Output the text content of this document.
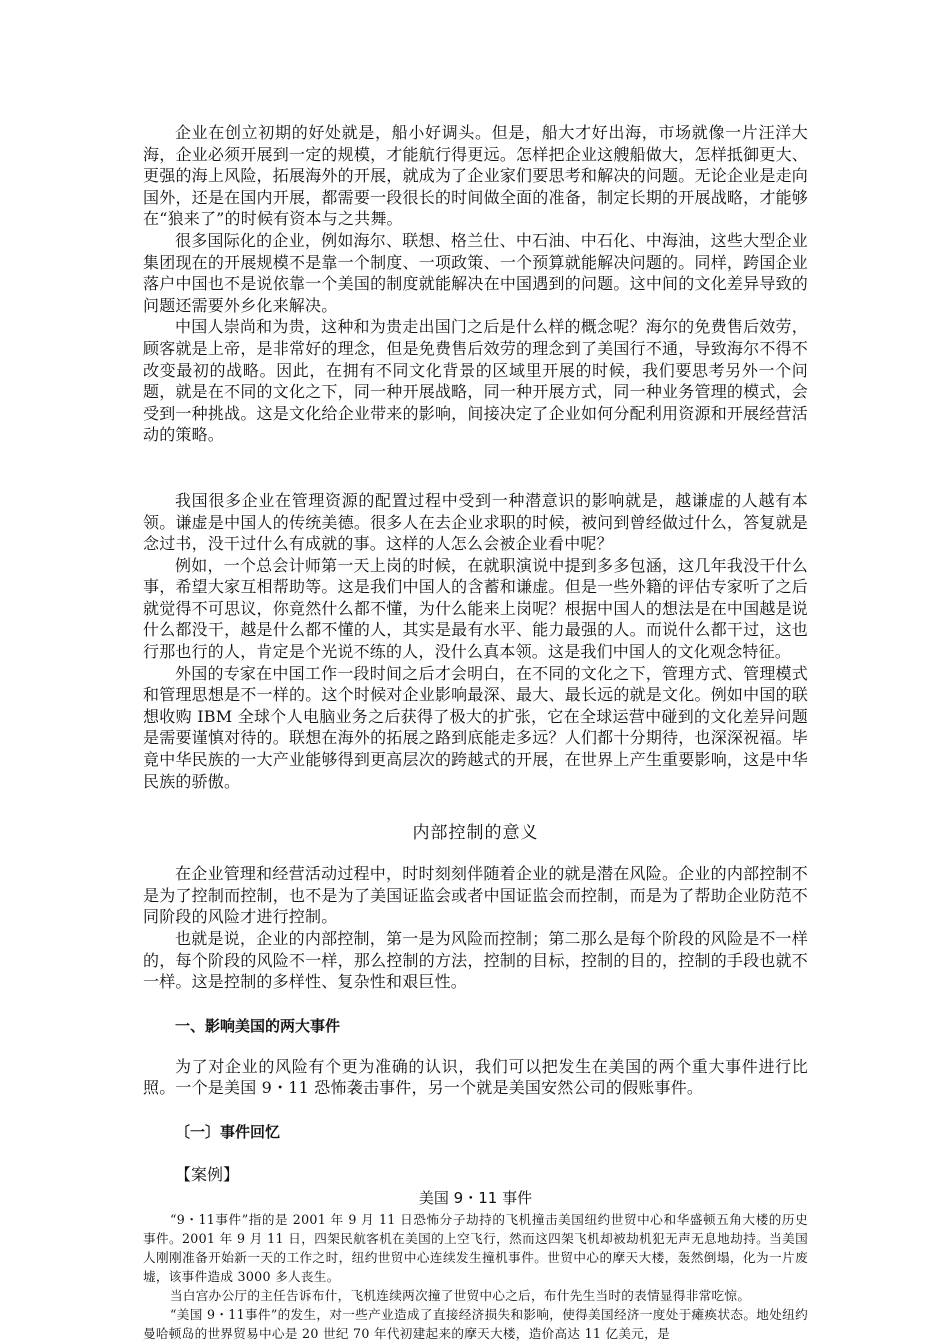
企业在创立初期的好处就是，船小好调头。但是，船大才好出海，市场就像一片汪洋大海，企业必须开展到一定的规模，才能航行得更远。怎样把企业这艘船做大，怎样抵御更大、更强的海上风险，拓展海外的开展，就成为了企业家们要思考和解决的问题。无论企业是走向国外，还是在国内开展，都需要一段很长的时间做全面的准备，制定长期的开展战略，才能够在“狼来了”的时候有资本与之共舞。

很多国际化的企业，例如海尔、联想、格兰仕、中石油、中石化、中海油，这些大型企业集团现在的开展规模不是靠一个制度、一项政策、一个预算就能解决问题的。同样，跨国企业落户中国也不是说依靠一个美国的制度就能解决在中国遇到的问题。这中间的文化差异导致的问题还需要外乡化来解决。

中国人崇尚和为贵，这种和为贵走出国门之后是什么样的概念呢？海尔的免费售后效劳，顾客就是上帝，是非常好的理念，但是免费售后效劳的理念到了美国行不通，导致海尔不得不改变最初的战略。因此，在拥有不同文化背景的区域里开展的时候，我们要思考另外一个问题，就是在不同的文化之下，同一种开展战略，同一种开展方式，同一种业务管理的模式，会受到一种挑战。这是文化给企业带来的影响，间接决定了企业如何分配利用资源和开展经营活动的策略。

我国很多企业在管理资源的配置过程中受到一种潜意识的影响就是，越谦虚的人越有本领。谦虚是中国人的传统美德。很多人在去企业求职的时候，被问到曾经做过什么，答复就是念过书，没干过什么有成就的事。这样的人怎么会被企业看中呢？

例如，一个总会计师第一天上岗的时候，在就职演说中提到多多包涵，这几年我没干什么事，希望大家互相帮助等。这是我们中国人的含蓄和谦虚。但是一些外籍的评估专家听了之后就觉得不可思议，你竟然什么都不懂，为什么能来上岗呢？根据中国人的想法是在中国越是说什么都没干，越是什么都不懂的人，其实是最有水平、能力最强的人。而说什么都干过，这也行那也行的人，肯定是个光说不练的人，没什么真本领。这是我们中国人的文化观念特征。

外国的专家在中国工作一段时间之后才会明白，在不同的文化之下，管理方式、管理模式和管理思想是不一样的。这个时候对企业影响最深、最大、最长远的就是文化。例如中国的联想收购 IBM 全球个人电脑业务之后获得了极大的扩张，它在全球运营中碰到的文化差异问题是需要谨慎对待的。联想在海外的拓展之路到底能走多远？人们都十分期待，也深深祝福。毕竟中华民族的一大产业能够得到更高层次的跨越式的开展，在世界上产生重要影响，这是中华民族的骄傲。

内部控制的意义

在企业管理和经营活动过程中，时时刻刻伴随着企业的就是潜在风险。企业的内部控制不是为了控制而控制，也不是为了美国证监会或者中国证监会而控制，而是为了帮助企业防范不同阶段的风险才进行控制。

也就是说，企业的内部控制，第一是为风险而控制；第二那么是每个阶段的风险是不一样的，每个阶段的风险不一样，那么控制的方法，控制的目标，控制的目的，控制的手段也就不一样。这是控制的多样性、复杂性和艰巨性。

一、影响美国的两大事件

为了对企业的风险有个更为准确的认识，我们可以把发生在美国的两个重大事件进行比照。一个是美国 9・11 恐怖袭击事件，另一个就是美国安然公司的假账事件。

〔一〕事件回忆
【案例】
美国 9・11 事件

“9・11事件”指的是 2001 年 9 月 11 日恐怖分子劫持的飞机撞击美国纽约世贸中心和华盛顿五角大楼的历史事件。2001 年 9 月 11 日，四架民航客机在美国的上空飞行，然而这四架飞机却被劫机犯无声无息地劫持。当美国人刚刚准备开始新一天的工作之时，纽约世贸中心连续发生撞机事件。世贸中心的摩天大楼，轰然倒塌，化为一片废墟，该事件造成 3000 多人丧生。

当白宫办公厅的主任告诉布什，飞机连续两次撞了世贸中心之后，布什先生当时的表情显得非常吃惊。

“美国 9・11事件”的发生，对一些产业造成了直接经济损失和影响，使得美国经济一度处于瘫痪状态。地处纽约曼哈顿岛的世界贸易中心是 20 世纪 70 年代初建起来的摩天大楼，造价高达 11 亿美元，是
